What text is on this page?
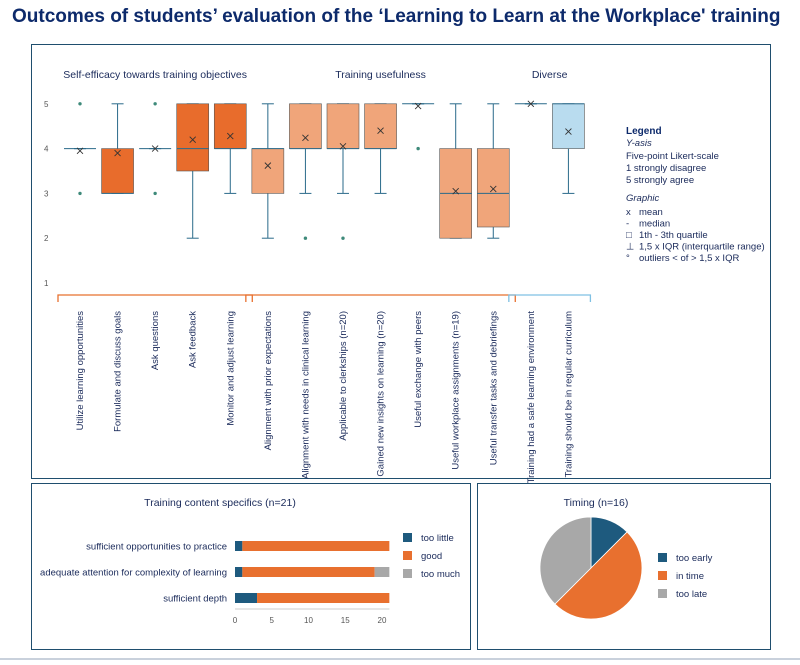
Outcomes of students’ evaluation of the ‘Learning to Learn at the Workplace' training
1
2
3
4
5
Self-efficacy towards training objectives	Training usefulness	Diverse
Utilize learning opportunities	Formulate and discuss goals	Ask questions	Ask feedback	Monitor and adjust learning	Alignment with prior expectations	Alignment with needs in clinical learning	Applicable to clerkships (n=20)	Gained new insights on learning (n=20)	Useful exchange with peers	Useful workplace assignments (n=19)	Useful transfer tasks and debriefings	Training had a safe learning environment	Training should be in regular curriculum
Legend
Y-asis
Five-point Likert-scale
1 strongly disagree
5 strongly agree
Graphic
x mean
- median
□ 1th - 3th quartile
⊥ 1,5 x IQR (interquartile range)
° outliers < of > 1,5 x IQR
Training content specifics (n=21)
sufficient opportunities to practice
adequate attention for complexity of learning
sufficient depth
0	5	10	15	20
too little
good
too much
Timing (n=16)
too early
in time
too late
